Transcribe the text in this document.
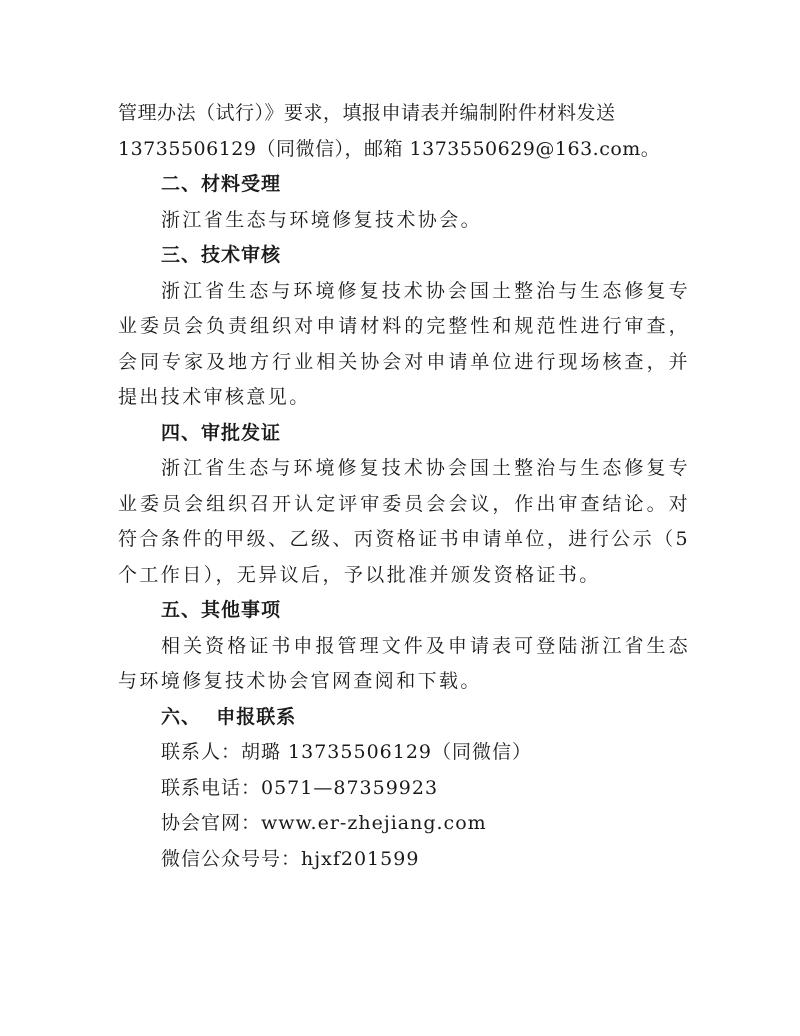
管理办法（试行）》要求，填报申请表并编制附件材料发送
13735506129（同微信），邮箱 1373550629@163.com。

二、材料受理

浙江省生态与环境修复技术协会。

三、技术审核

浙江省生态与环境修复技术协会国土整治与生态修复专业委员会负责组织对申请材料的完整性和规范性进行审查，会同专家及地方行业相关协会对申请单位进行现场核查，并提出技术审核意见。

四、审批发证

浙江省生态与环境修复技术协会国土整治与生态修复专业委员会组织召开认定评审委员会会议，作出审查结论。对符合条件的甲级、乙级、丙资格证书申请单位，进行公示（5个工作日），无异议后，予以批准并颁发资格证书。

五、其他事项

相关资格证书申报管理文件及申请表可登陆浙江省生态与环境修复技术协会官网查阅和下载。

六、  申报联系

联系人：胡璐 13735506129（同微信）

联系电话：0571—87359923

协会官网：www.er-zhejiang.com

微信公众号号：hjxf201599
